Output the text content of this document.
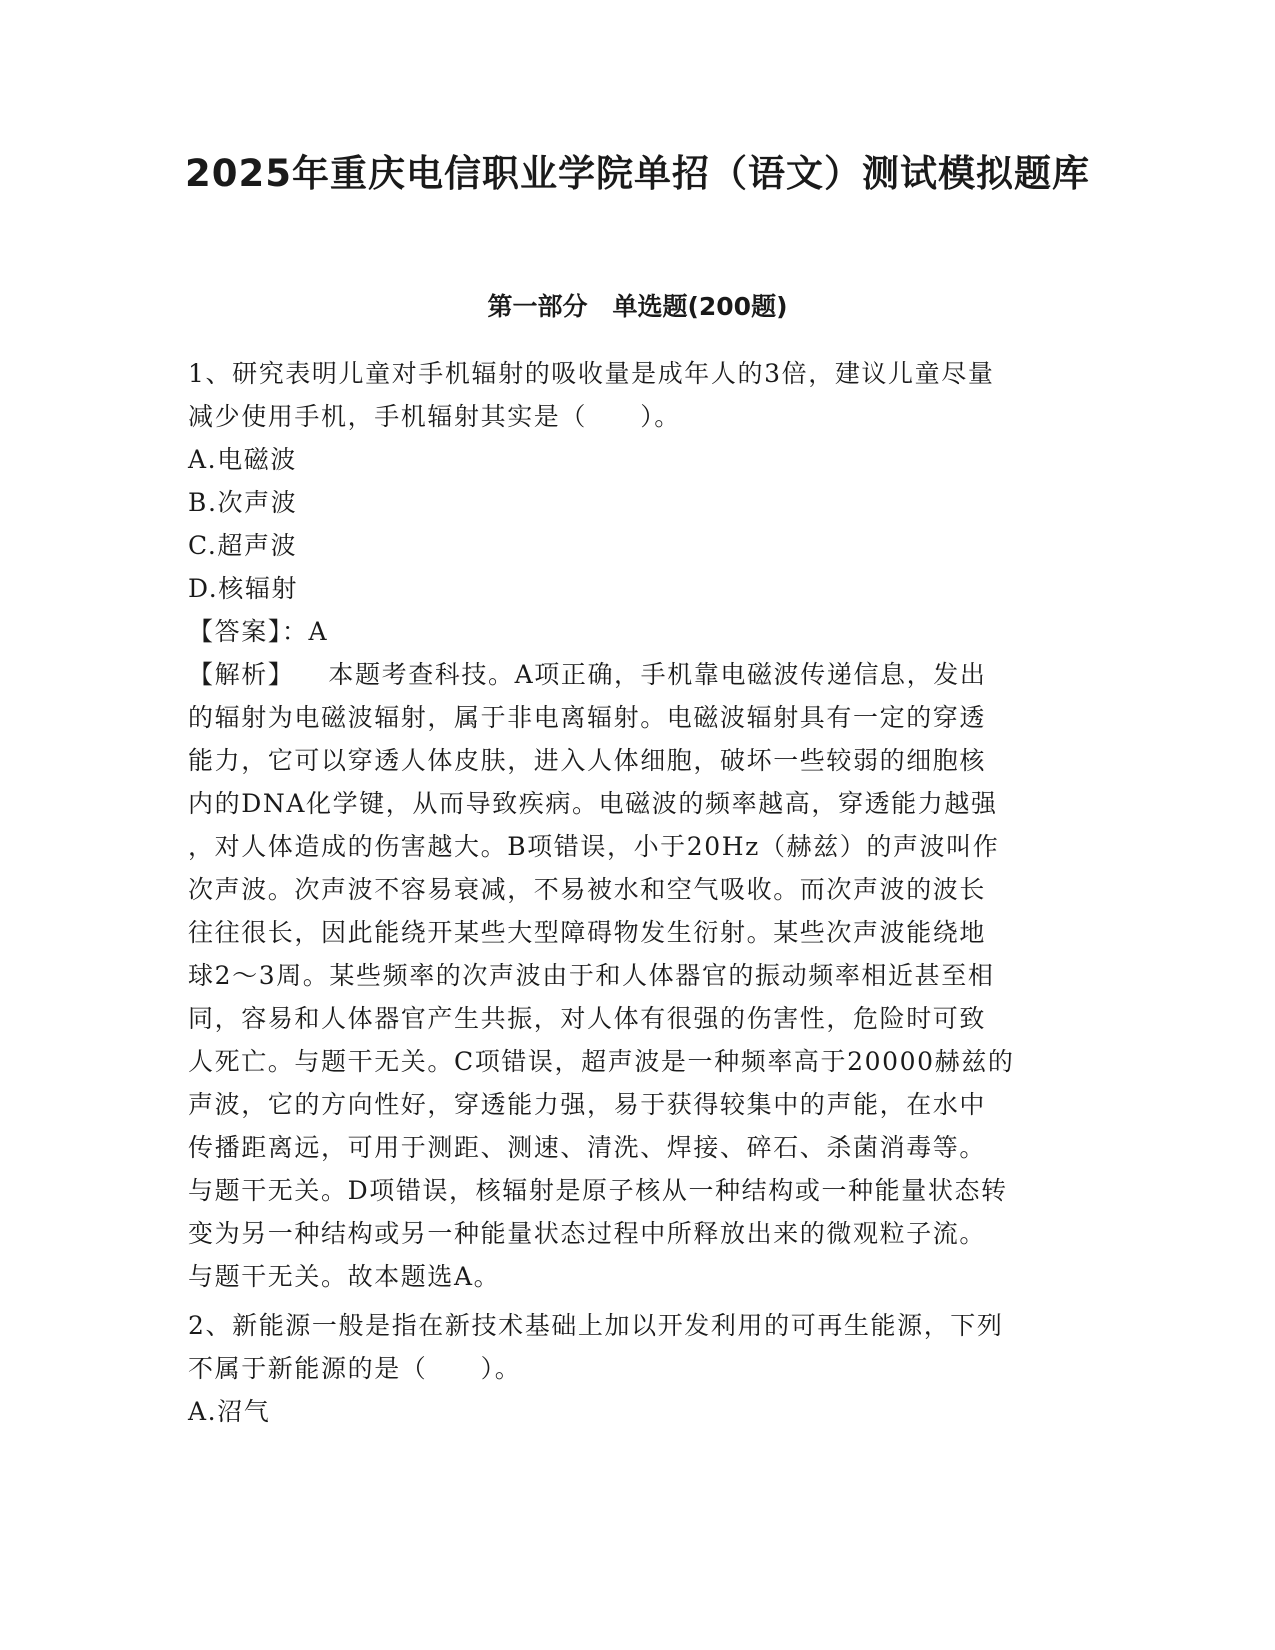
2025年重庆电信职业学院单招（语文）测试模拟题库
第一部分　单选题(200题)

1、研究表明儿童对手机辐射的吸收量是成年人的3倍，建议儿童尽量

减少使用手机，手机辐射其实是（　　）。

A.电磁波

B.次声波

C.超声波

D.核辐射

【答案】：A

【解析】 本题考查科技。A项正确，手机靠电磁波传递信息，发出

的辐射为电磁波辐射，属于非电离辐射。电磁波辐射具有一定的穿透

能力，它可以穿透人体皮肤，进入人体细胞，破坏一些较弱的细胞核

内的DNA化学键，从而导致疾病。电磁波的频率越高，穿透能力越强

，对人体造成的伤害越大。B项错误，小于20Hz（赫兹）的声波叫作

次声波。次声波不容易衰减，不易被水和空气吸收。而次声波的波长

往往很长，因此能绕开某些大型障碍物发生衍射。某些次声波能绕地

球2～3周。某些频率的次声波由于和人体器官的振动频率相近甚至相

同，容易和人体器官产生共振，对人体有很强的伤害性，危险时可致

人死亡。与题干无关。C项错误，超声波是一种频率高于20000赫兹的

声波，它的方向性好，穿透能力强，易于获得较集中的声能，在水中

传播距离远，可用于测距、测速、清洗、焊接、碎石、杀菌消毒等。

与题干无关。D项错误，核辐射是原子核从一种结构或一种能量状态转

变为另一种结构或另一种能量状态过程中所释放出来的微观粒子流。

与题干无关。故本题选A。

2、新能源一般是指在新技术基础上加以开发利用的可再生能源，下列

不属于新能源的是（　　）。

A.沼气
